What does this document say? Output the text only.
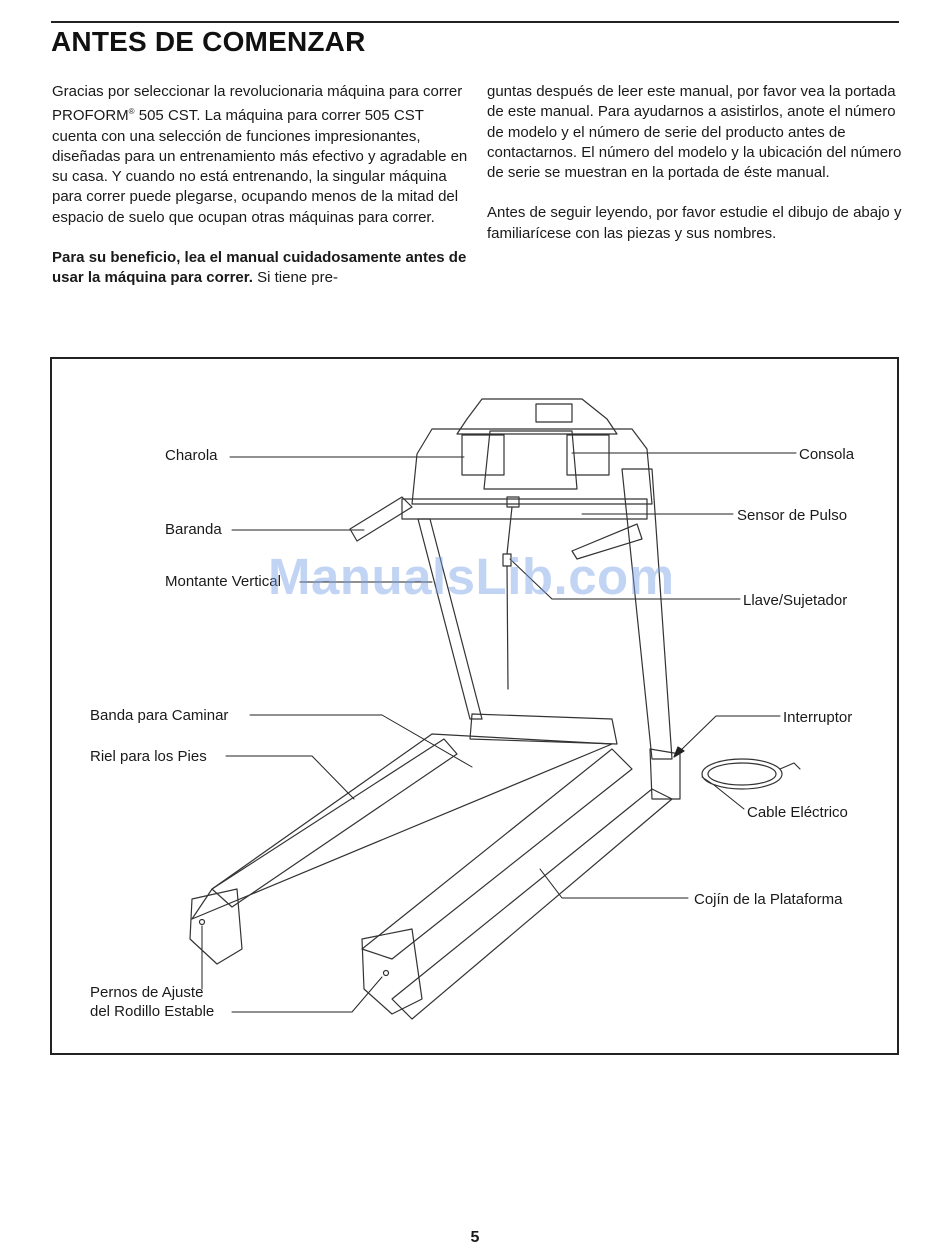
ANTES DE COMENZAR

Gracias por seleccionar la revolucionaria máquina para correr PROFORM® 505 CST. La máquina para correr 505 CST cuenta con una selección de funciones impresionantes, diseñadas para un entrenamiento más efectivo y agradable en su casa. Y cuando no está entrenando, la singular máquina para correr puede plegarse, ocupando menos de la mitad del espacio de suelo que ocupan otras máquinas para correr.

Para su beneficio, lea el manual cuidadosamente antes de usar la máquina para correr. Si tiene pre-

guntas después de leer este manual, por favor vea la portada de este manual. Para ayudarnos a asistirlos, anote el número de modelo y el número de serie del producto antes de contactarnos. El número del modelo y la ubicación del número de serie se muestran en la portada de éste manual.

Antes de seguir leyendo, por favor estudie el dibujo de abajo y familiarícese con las piezas y sus nombres.

Charola
Baranda
Montante Vertical
Banda para Caminar
Riel para los Pies
Pernos de Ajuste
del Rodillo Estable
Consola
Sensor de Pulso
Llave/Sujetador
Interruptor
Cable Eléctrico
Cojín de la Plataforma
ManualsLib.com
5
